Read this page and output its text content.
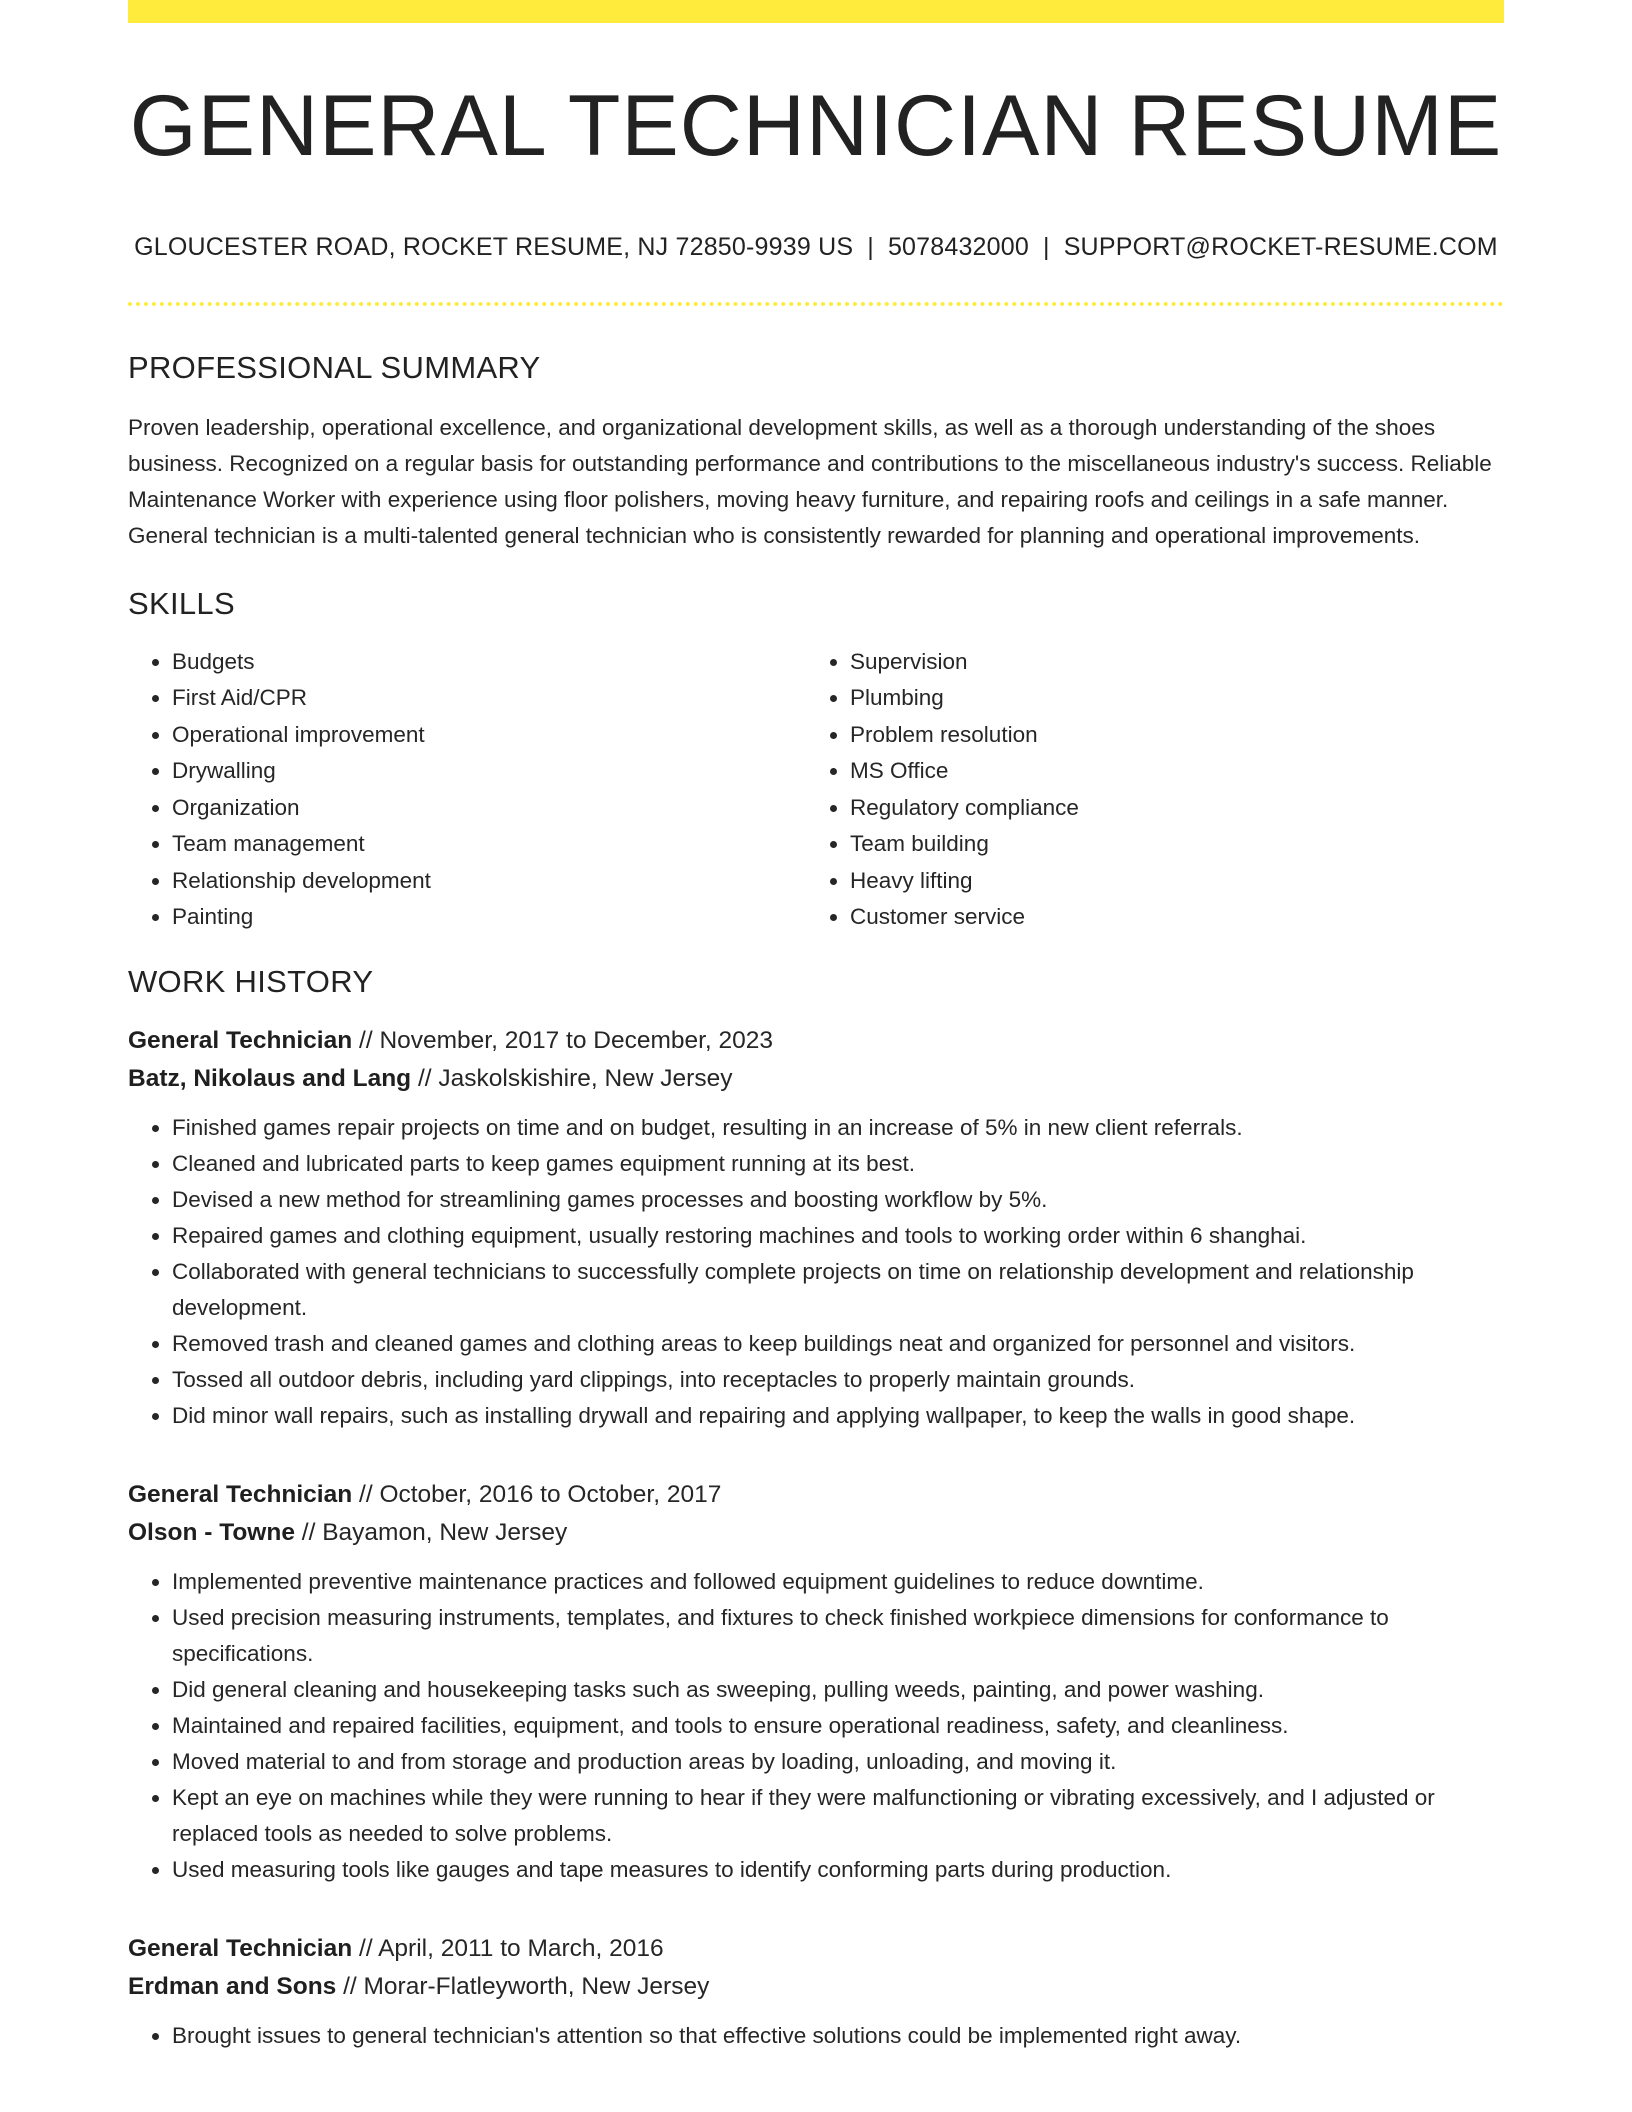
GENERAL TECHNICIAN RESUME
GLOUCESTER ROAD, ROCKET RESUME, NJ 72850-9939 US | 5078432000 | SUPPORT@ROCKET-RESUME.COM
PROFESSIONAL SUMMARY

Proven leadership, operational excellence, and organizational development skills, as well as a thorough understanding of the shoes business. Recognized on a regular basis for outstanding performance and contributions to the miscellaneous industry's success. Reliable Maintenance Worker with experience using floor polishers, moving heavy furniture, and repairing roofs and ceilings in a safe manner. General technician is a multi-talented general technician who is consistently rewarded for planning and operational improvements.

SKILLS
• Budgets
• First Aid/CPR
• Operational improvement
• Drywalling
• Organization
• Team management
• Relationship development
• Painting
• Supervision
• Plumbing
• Problem resolution
• MS Office
• Regulatory compliance
• Team building
• Heavy lifting
• Customer service
WORK HISTORY
General Technician // November, 2017 to December, 2023
Batz, Nikolaus and Lang // Jaskolskishire, New Jersey
• Finished games repair projects on time and on budget, resulting in an increase of 5% in new client referrals.
• Cleaned and lubricated parts to keep games equipment running at its best.
• Devised a new method for streamlining games processes and boosting workflow by 5%.
• Repaired games and clothing equipment, usually restoring machines and tools to working order within 6 shanghai.
• Collaborated with general technicians to successfully complete projects on time on relationship development and relationship development.
• Removed trash and cleaned games and clothing areas to keep buildings neat and organized for personnel and visitors.
• Tossed all outdoor debris, including yard clippings, into receptacles to properly maintain grounds.
• Did minor wall repairs, such as installing drywall and repairing and applying wallpaper, to keep the walls in good shape.
General Technician // October, 2016 to October, 2017
Olson - Towne // Bayamon, New Jersey
• Implemented preventive maintenance practices and followed equipment guidelines to reduce downtime.
• Used precision measuring instruments, templates, and fixtures to check finished workpiece dimensions for conformance to specifications.
• Did general cleaning and housekeeping tasks such as sweeping, pulling weeds, painting, and power washing.
• Maintained and repaired facilities, equipment, and tools to ensure operational readiness, safety, and cleanliness.
• Moved material to and from storage and production areas by loading, unloading, and moving it.
• Kept an eye on machines while they were running to hear if they were malfunctioning or vibrating excessively, and I adjusted or replaced tools as needed to solve problems.
• Used measuring tools like gauges and tape measures to identify conforming parts during production.
General Technician // April, 2011 to March, 2016
Erdman and Sons // Morar-Flatleyworth, New Jersey
• Brought issues to general technician's attention so that effective solutions could be implemented right away.
